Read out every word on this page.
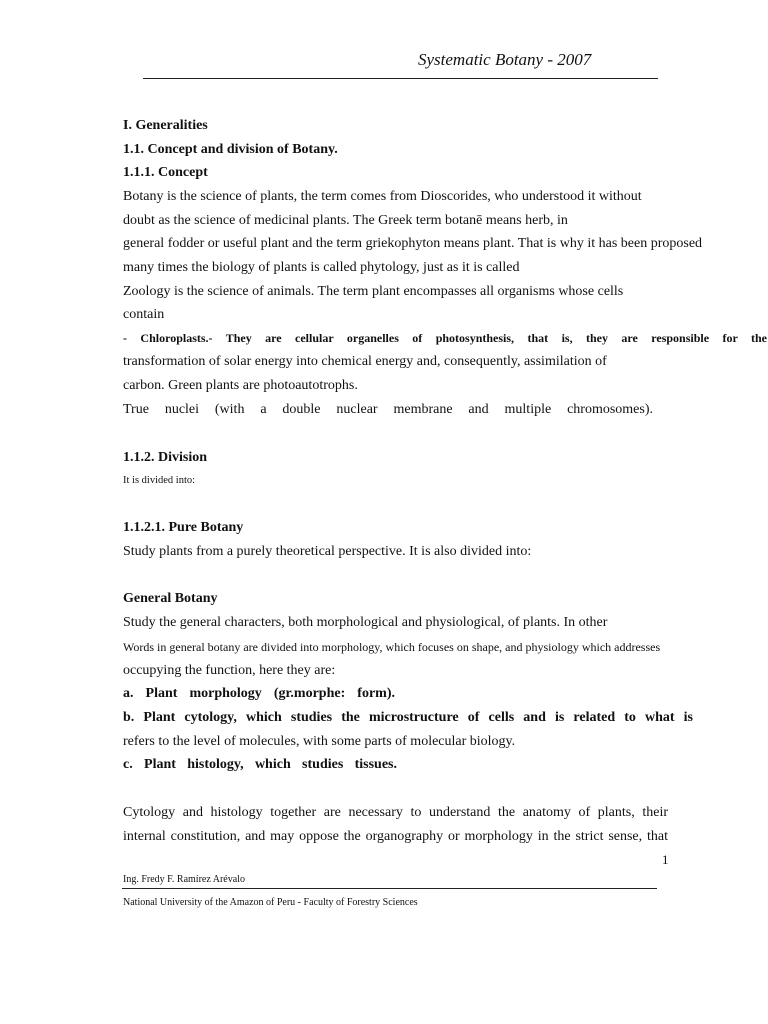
Systematic Botany - 2007
I. Generalities
1.1. Concept and division of Botany.
1.1.1. Concept
Botany is the science of plants, the term comes from Dioscorides, who understood it without
doubt as the science of medicinal plants. The Greek term botanē means herb, in
general fodder or useful plant and the term griekophyton means plant. That is why it has been proposed
many times the biology of plants is called phytology, just as it is called
Zoology is the science of animals. The term plant encompasses all organisms whose cells
contain
- Chloroplasts.- They are cellular organelles of photosynthesis, that is, they are responsible for the
transformation of solar energy into chemical energy and, consequently, assimilation of
carbon. Green plants are photoautotrophs.
True nuclei (with a double nuclear membrane and multiple chromosomes).
1.1.2. Division
It is divided into:
1.1.2.1. Pure Botany
Study plants from a purely theoretical perspective. It is also divided into:
General Botany
Study the general characters, both morphological and physiological, of plants. In other
Words in general botany are divided into morphology, which focuses on shape, and physiology which addresses
occupying the function, here they are:
a. Plant morphology (gr.morphe: form).
b. Plant cytology, which studies the microstructure of cells and is related to what is
refers to the level of molecules, with some parts of molecular biology.
c. Plant histology, which studies tissues.
Cytology and histology together are necessary to understand the anatomy of plants, their
internal constitution, and may oppose the organography or morphology in the strict sense, that
1
Ing. Fredy F. Ramírez Arévalo
National University of the Amazon of Peru - Faculty of Forestry Sciences
